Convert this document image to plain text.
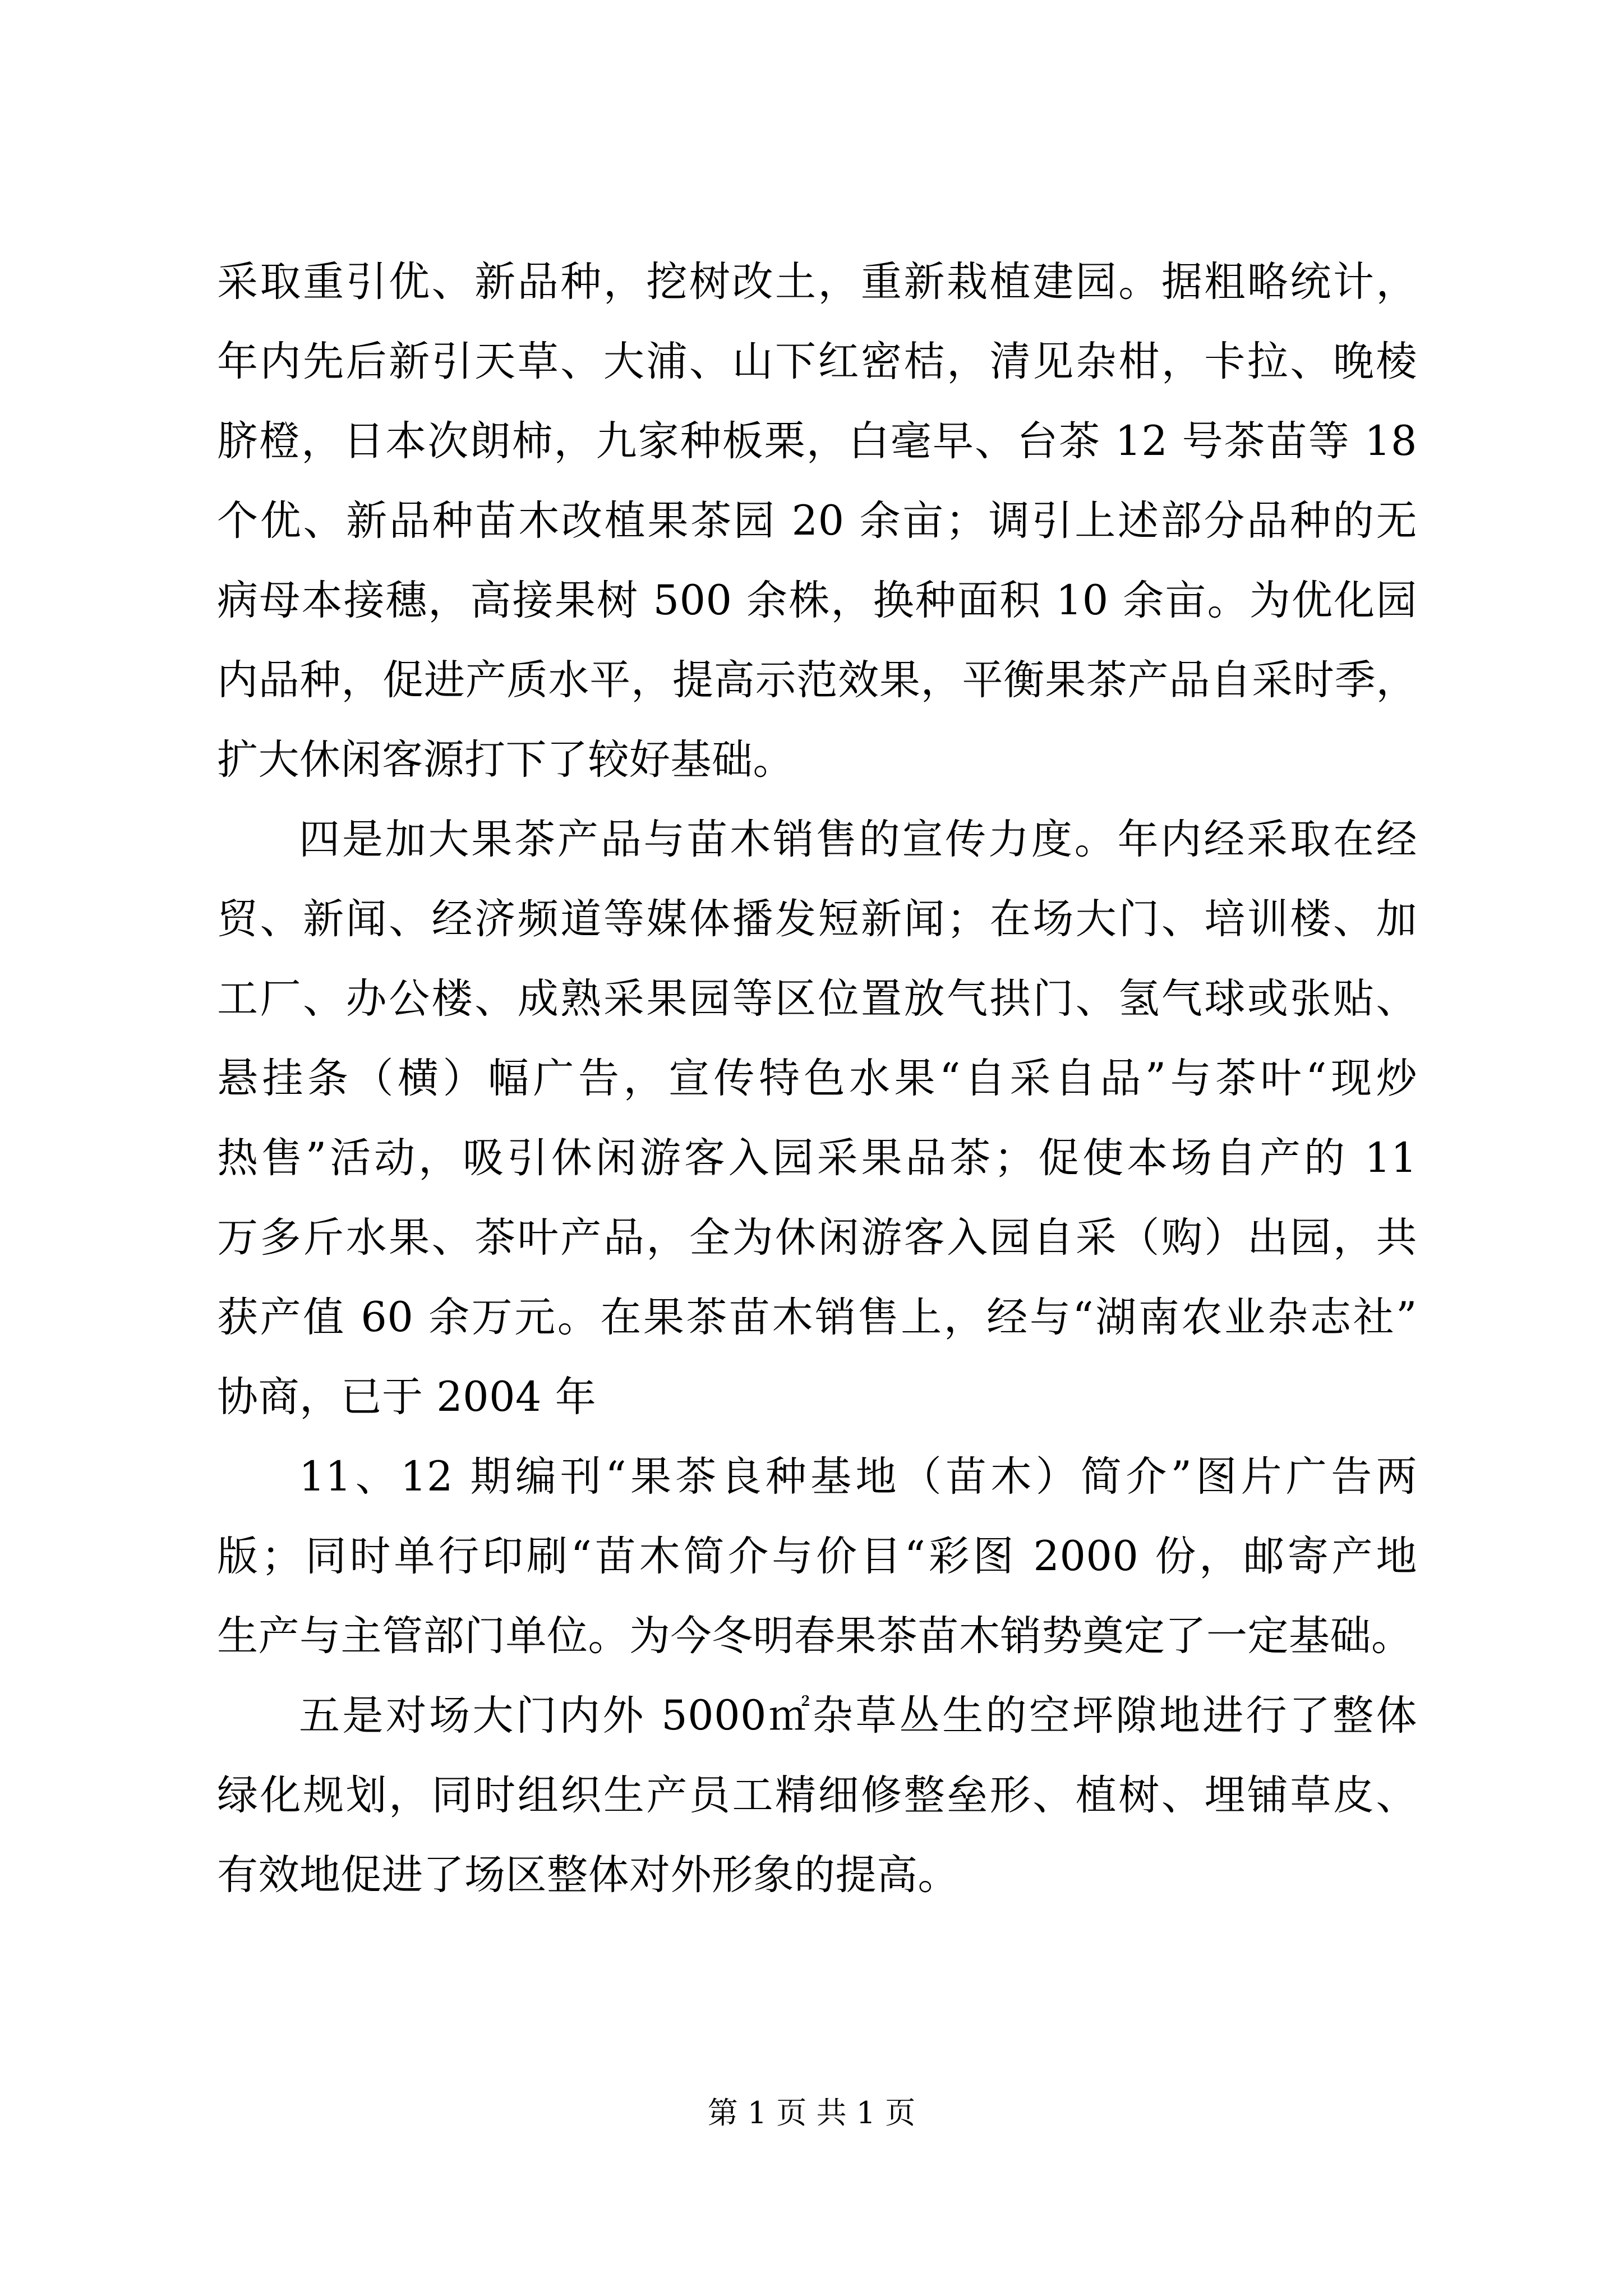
采取重引优、新品种，挖树改土，重新栽植建园。据粗略统计，
年内先后新引天草、大浦、山下红密桔，清见杂柑，卡拉、晚棱
脐橙，日本次朗柿，九家种板栗，白毫早、台茶 12 号茶苗等 18
个优、新品种苗木改植果茶园 20 余亩；调引上述部分品种的无
病母本接穗，高接果树 500 余株，换种面积 10 余亩。为优化园
内品种，促进产质水平，提高示范效果，平衡果茶产品自采时季，
扩大休闲客源打下了较好基础。
四是加大果茶产品与苗木销售的宣传力度。年内经采取在经
贸、新闻、经济频道等媒体播发短新闻；在场大门、培训楼、加
工厂、办公楼、成熟采果园等区位置放气拱门、氢气球或张贴、
悬挂条（横）幅广告，宣传特色水果“自采自品”与茶叶“现炒
热售”活动，吸引休闲游客入园采果品茶；促使本场自产的 11
万多斤水果、茶叶产品，全为休闲游客入园自采（购）出园，共
获产值 60 余万元。在果茶苗木销售上，经与“湖南农业杂志社”
协商，已于 2004 年
11、12 期编刊“果茶良种基地（苗木）简介”图片广告两
版；同时单行印刷“苗木简介与价目“彩图 2000 份，邮寄产地
生产与主管部门单位。为今冬明春果茶苗木销势奠定了一定基础。
五是对场大门内外 5000㎡杂草丛生的空坪隙地进行了整体
绿化规划，同时组织生产员工精细修整垒形、植树、埋铺草皮、
有效地促进了场区整体对外形象的提高。
第 1 页 共 1 页
